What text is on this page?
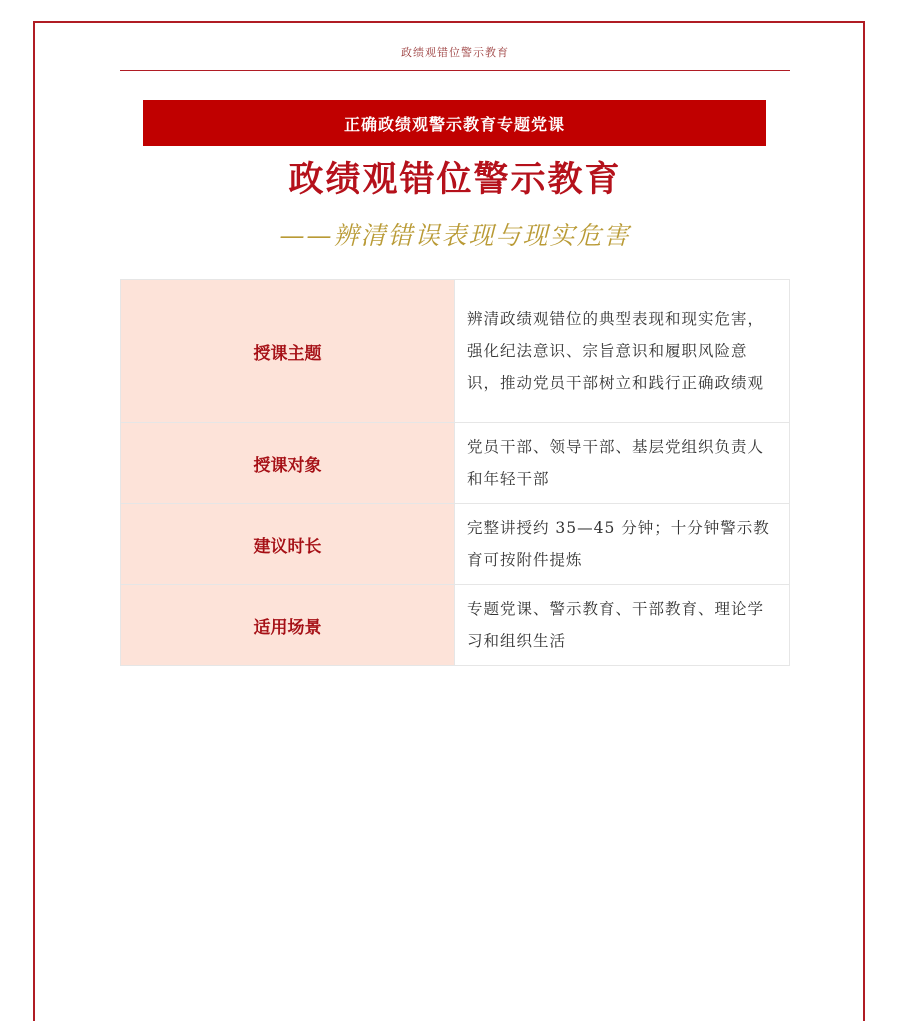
政绩观错位警示教育
正确政绩观警示教育专题党课
政绩观错位警示教育
——辨清错误表现与现实危害
授课主题	辨清政绩观错位的典型表现和现实危害，强化纪法意识、宗旨意识和履职风险意识，推动党员干部树立和践行正确政绩观
授课对象	党员干部、领导干部、基层党组织负责人和年轻干部
建议时长	完整讲授约 35—45 分钟；十分钟警示教育可按附件提炼
适用场景	专题党课、警示教育、干部教育、理论学习和组织生活
